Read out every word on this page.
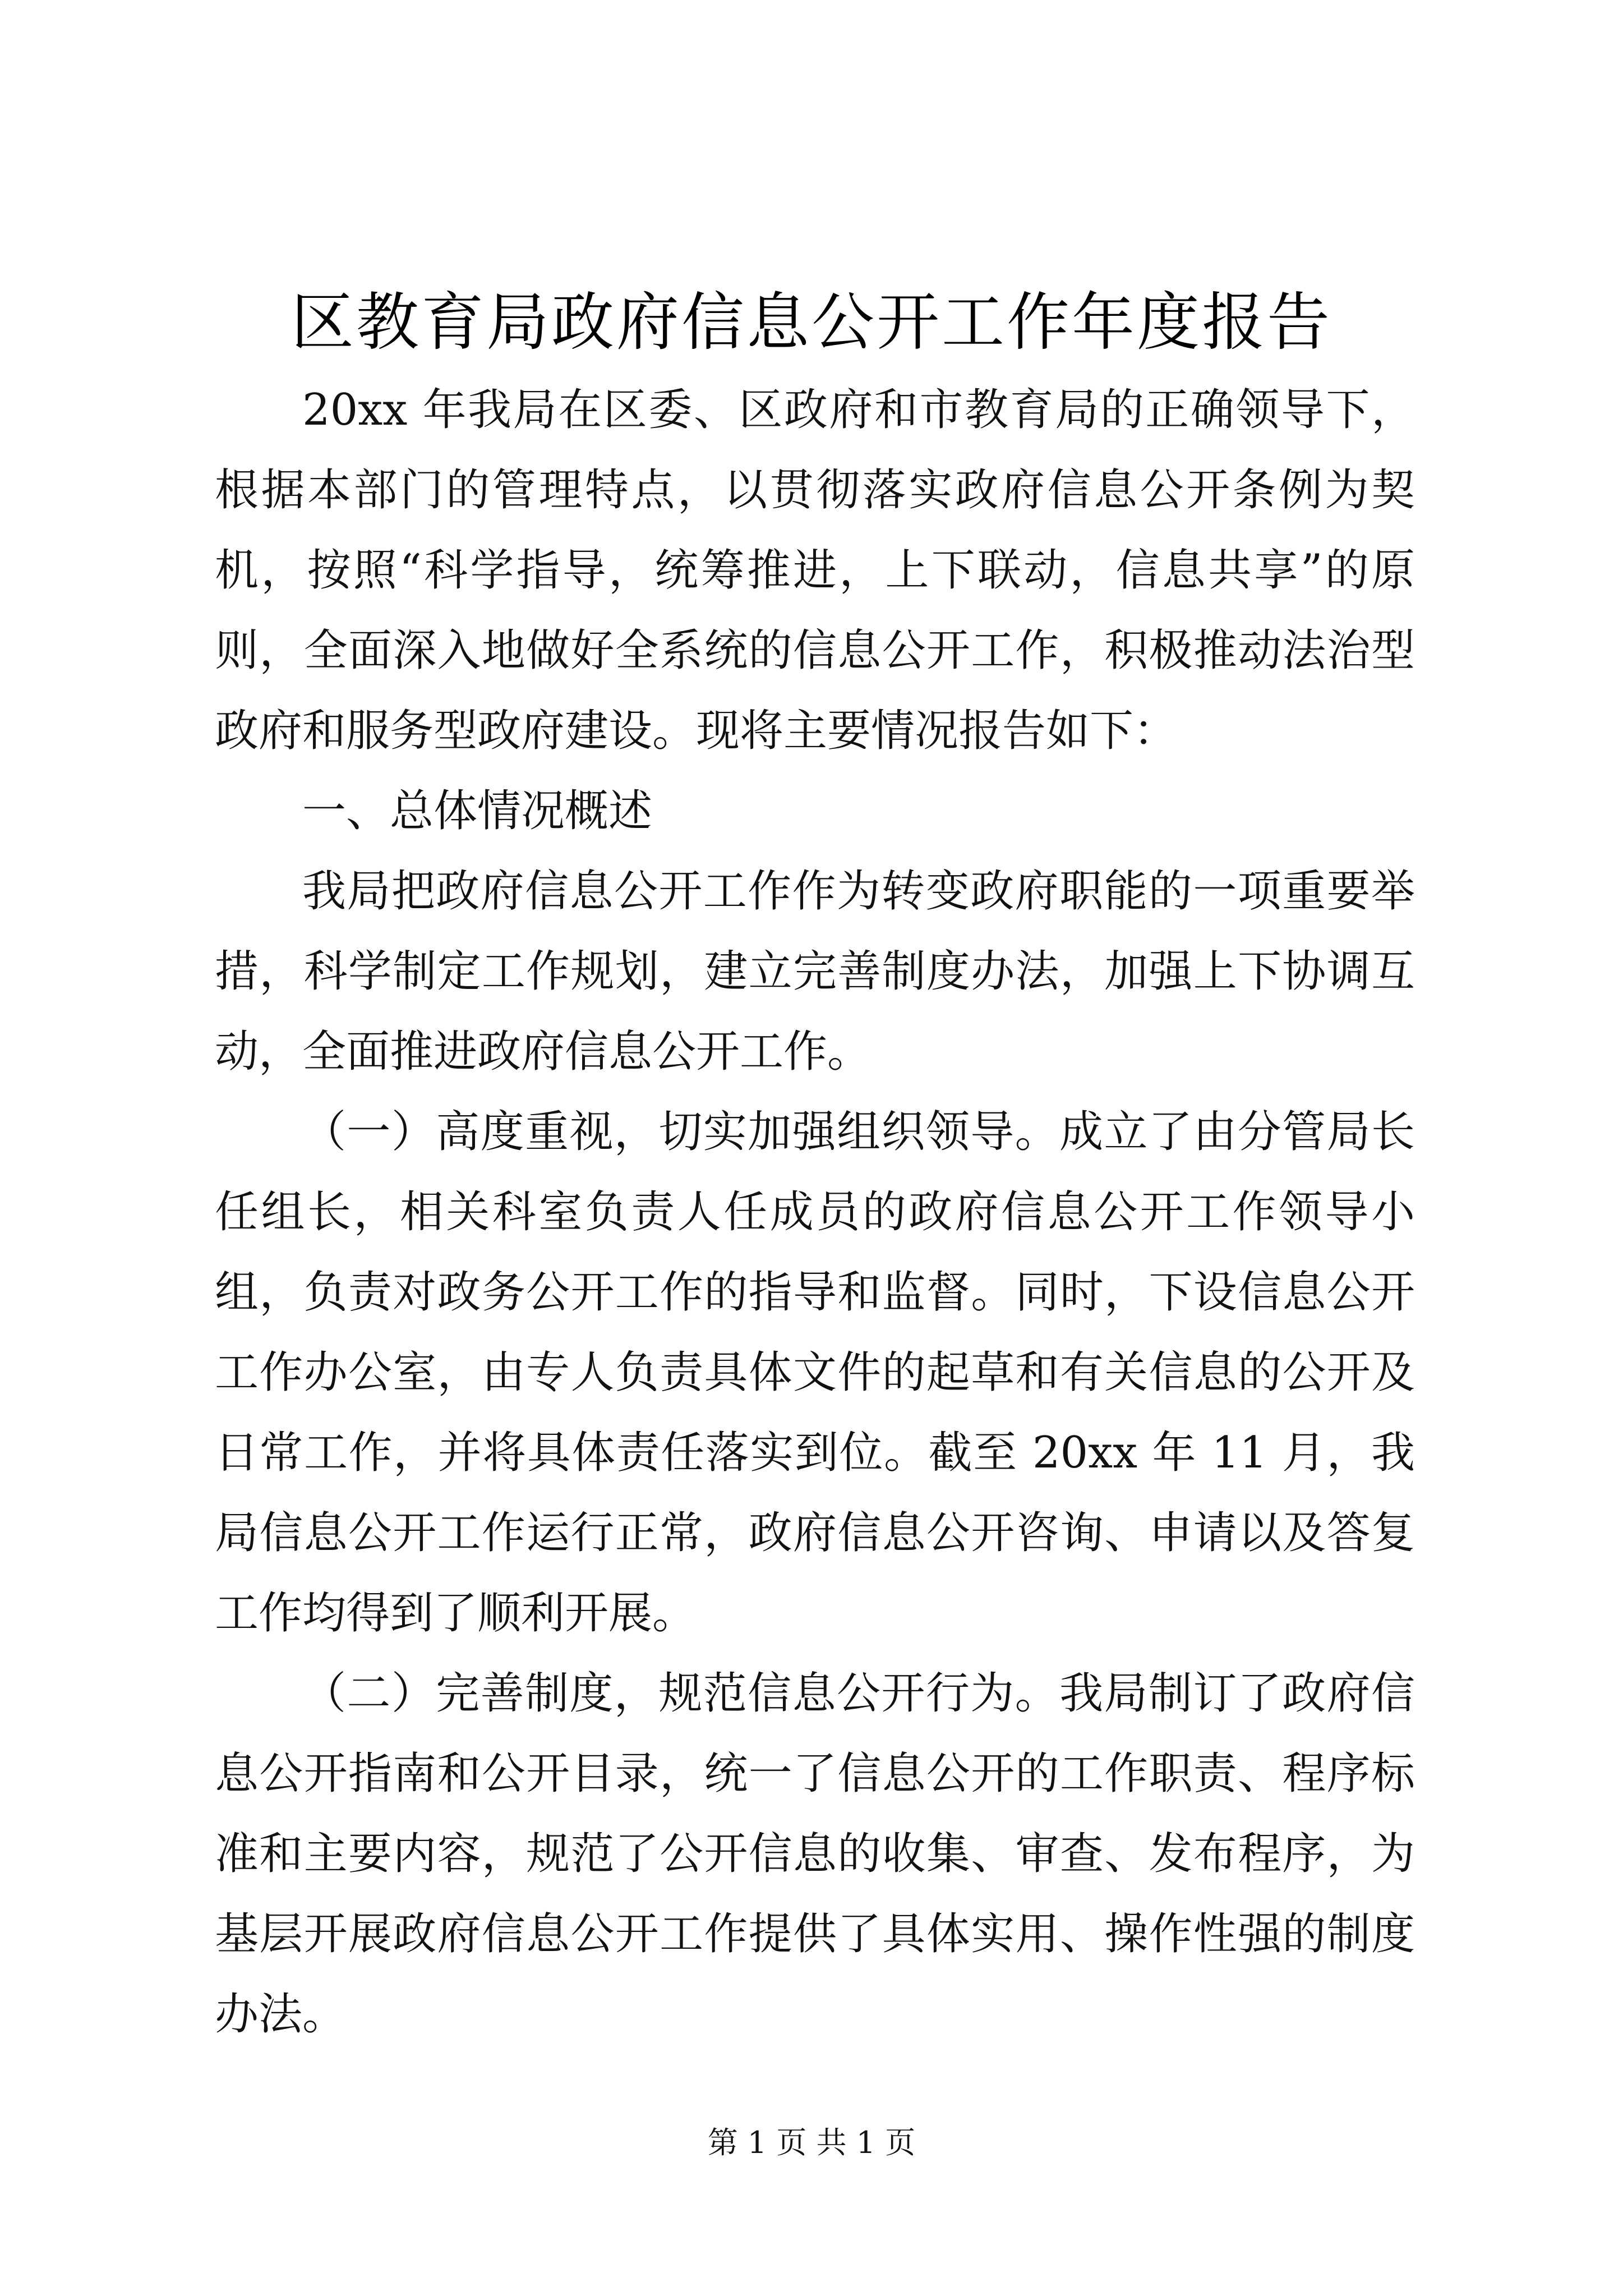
区教育局政府信息公开工作年度报告

20xx 年我局在区委、区政府和市教育局的正确领导下，根据本部门的管理特点，以贯彻落实政府信息公开条例为契机，按照“科学指导，统筹推进，上下联动，信息共享”的原则，全面深入地做好全系统的信息公开工作，积极推动法治型政府和服务型政府建设。现将主要情况报告如下：

一、总体情况概述

我局把政府信息公开工作作为转变政府职能的一项重要举措，科学制定工作规划，建立完善制度办法，加强上下协调互动，全面推进政府信息公开工作。

（一）高度重视，切实加强组织领导。成立了由分管局长任组长，相关科室负责人任成员的政府信息公开工作领导小组，负责对政务公开工作的指导和监督。同时，下设信息公开工作办公室，由专人负责具体文件的起草和有关信息的公开及日常工作，并将具体责任落实到位。截至 20xx 年 11 月，我局信息公开工作运行正常，政府信息公开咨询、申请以及答复工作均得到了顺利开展。

（二）完善制度，规范信息公开行为。我局制订了政府信息公开指南和公开目录，统一了信息公开的工作职责、程序标准和主要内容，规范了公开信息的收集、审查、发布程序，为基层开展政府信息公开工作提供了具体实用、操作性强的制度办法。

第 1 页 共 1 页
